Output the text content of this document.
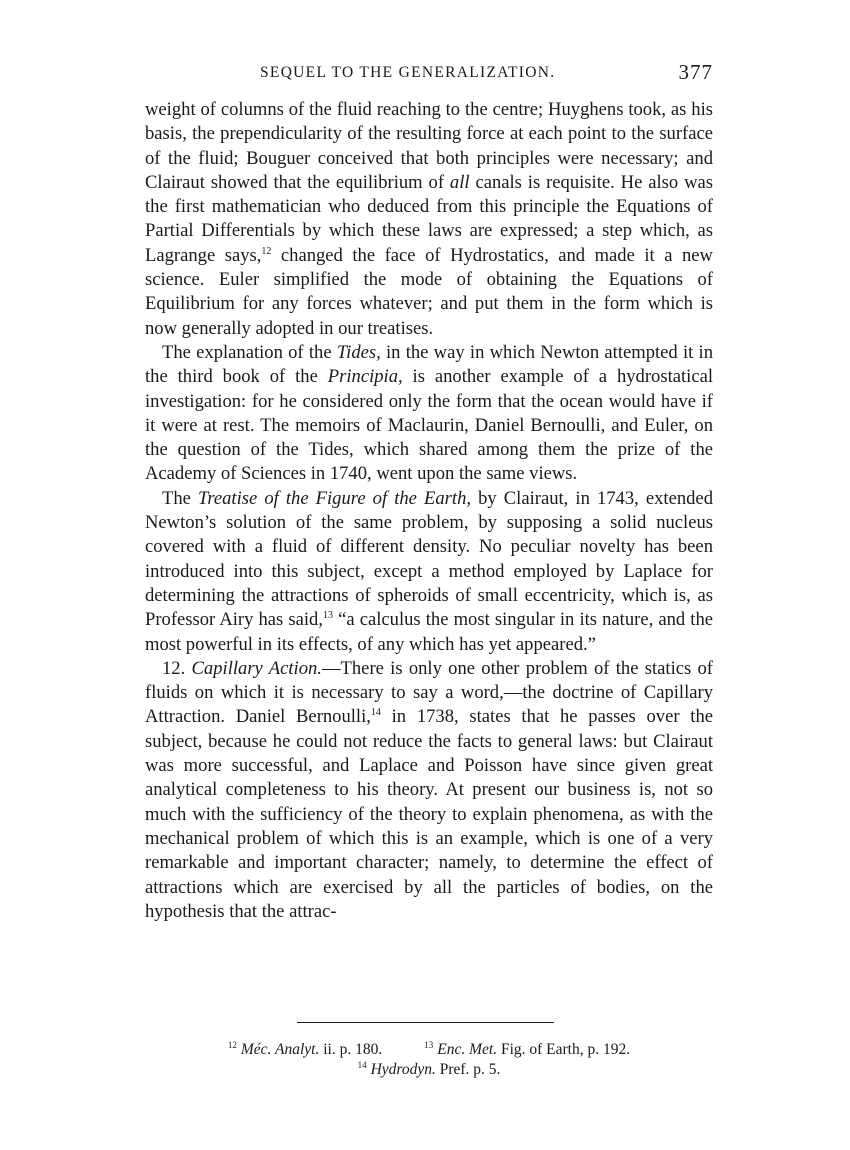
SEQUEL TO THE GENERALIZATION.	377

weight of columns of the fluid reaching to the centre; Huyghens took, as his basis, the prependicularity of the resulting force at each point to the surface of the fluid; Bouguer conceived that both principles were necessary; and Clairaut showed that the equilibrium of all canals is requisite. He also was the first mathematician who deduced from this principle the Equations of Partial Differentials by which these laws are expressed; a step which, as Lagrange says,$^{12}$ changed the face of Hydrostatics, and made it a new science. Euler simplified the mode of obtaining the Equations of Equilibrium for any forces whatever; and put them in the form which is now generally adopted in our treatises.

The explanation of the Tides, in the way in which Newton attempted it in the third book of the Principia, is another example of a hydrostatical investigation: for he considered only the form that the ocean would have if it were at rest. The memoirs of Maclaurin, Daniel Bernoulli, and Euler, on the question of the Tides, which shared among them the prize of the Academy of Sciences in 1740, went upon the same views.

The Treatise of the Figure of the Earth, by Clairaut, in 1743, extended Newton’s solution of the same problem, by supposing a solid nucleus covered with a fluid of different density. No peculiar novelty has been introduced into this subject, except a method employed by Laplace for determining the attractions of spheroids of small eccentricity, which is, as Professor Airy has said,$^{13}$ “a calculus the most singular in its nature, and the most powerful in its effects, of any which has yet appeared.”

12. Capillary Action.—There is only one other problem of the statics of fluids on which it is necessary to say a word,—the doctrine of Capillary Attraction. Daniel Bernoulli,$^{14}$ in 1738, states that he passes over the subject, because he could not reduce the facts to general laws: but Clairaut was more successful, and Laplace and Poisson have since given great analytical completeness to his theory. At present our business is, not so much with the sufficiency of the theory to explain phenomena, as with the mechanical problem of which this is an example, which is one of a very remarkable and important character; namely, to determine the effect of attractions which are exercised by all the particles of bodies, on the hypothesis that the attrac-

$^{12}$ Méc. Analyt. ii. p. 180.	$^{13}$ Enc. Met. Fig. of Earth, p. 192.
$^{14}$ Hydrodyn. Pref. p. 5.
